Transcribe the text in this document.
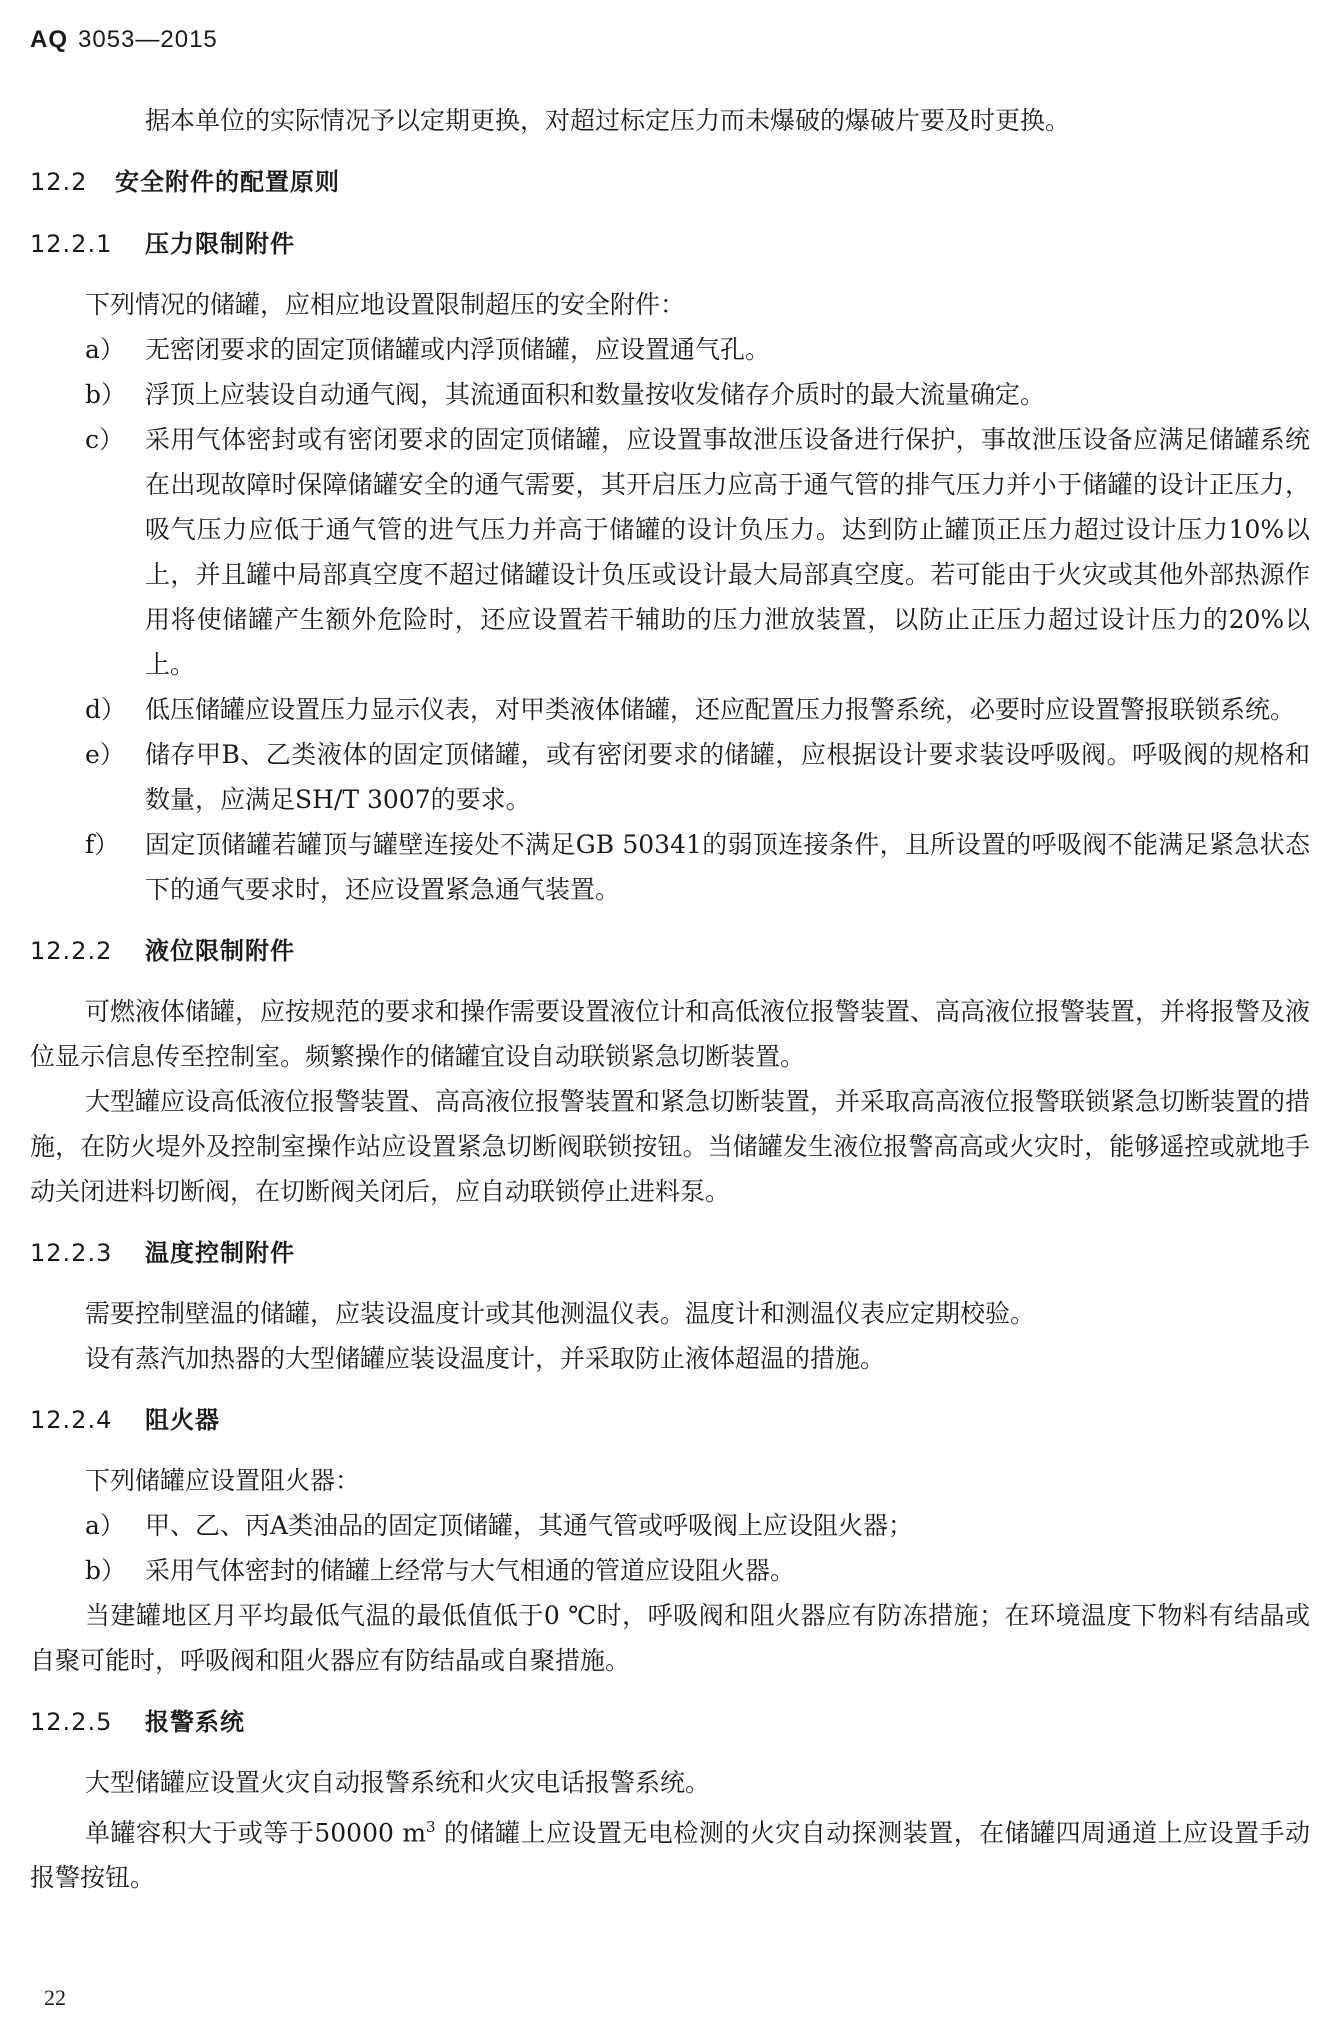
AQ 3053—2015

据本单位的实际情况予以定期更换，对超过标定压力而未爆破的爆破片要及时更换。

12.2 安全附件的配置原则
12.2.1 压力限制附件

下列情况的储罐，应相应地设置限制超压的安全附件：

a） 无密闭要求的固定顶储罐或内浮顶储罐，应设置通气孔。
b） 浮顶上应装设自动通气阀，其流通面积和数量按收发储存介质时的最大流量确定。
c） 采用气体密封或有密闭要求的固定顶储罐，应设置事故泄压设备进行保护，事故泄压设备应满足储罐系统在出现故障时保障储罐安全的通气需要，其开启压力应高于通气管的排气压力并小于储罐的设计正压力，吸气压力应低于通气管的进气压力并高于储罐的设计负压力。达到防止罐顶正压力超过设计压力10%以上，并且罐中局部真空度不超过储罐设计负压或设计最大局部真空度。若可能由于火灾或其他外部热源作用将使储罐产生额外危险时，还应设置若干辅助的压力泄放装置，以防止正压力超过设计压力的20%以上。
d） 低压储罐应设置压力显示仪表，对甲类液体储罐，还应配置压力报警系统，必要时应设置警报联锁系统。
e） 储存甲B、乙类液体的固定顶储罐，或有密闭要求的储罐，应根据设计要求装设呼吸阀。呼吸阀的规格和数量，应满足SH/T 3007的要求。
f）	固定顶储罐若罐顶与罐壁连接处不满足GB 50341的弱顶连接条件，且所设置的呼吸阀不能满足紧急状态下的通气要求时，还应设置紧急通气装置。
12.2.2 液位限制附件

可燃液体储罐，应按规范的要求和操作需要设置液位计和高低液位报警装置、高高液位报警装置，并将报警及液位显示信息传至控制室。频繁操作的储罐宜设自动联锁紧急切断装置。

大型罐应设高低液位报警装置、高高液位报警装置和紧急切断装置，并采取高高液位报警联锁紧急切断装置的措施，在防火堤外及控制室操作站应设置紧急切断阀联锁按钮。当储罐发生液位报警高高或火灾时，能够遥控或就地手动关闭进料切断阀，在切断阀关闭后，应自动联锁停止进料泵。

12.2.3 温度控制附件

需要控制壁温的储罐，应装设温度计或其他测温仪表。温度计和测温仪表应定期校验。

设有蒸汽加热器的大型储罐应装设温度计，并采取防止液体超温的措施。

12.2.4 阻火器

下列储罐应设置阻火器：

a） 甲、乙、丙A类油品的固定顶储罐，其通气管或呼吸阀上应设阻火器；
b） 采用气体密封的储罐上经常与大气相通的管道应设阻火器。

当建罐地区月平均最低气温的最低值低于0 ℃时，呼吸阀和阻火器应有防冻措施；在环境温度下物料有结晶或自聚可能时，呼吸阀和阻火器应有防结晶或自聚措施。

12.2.5 报警系统

大型储罐应设置火灾自动报警系统和火灾电话报警系统。

单罐容积大于或等于50000 $m^3$ 的储罐上应设置无电检测的火灾自动探测装置，在储罐四周通道上应设置手动报警按钮。

22
